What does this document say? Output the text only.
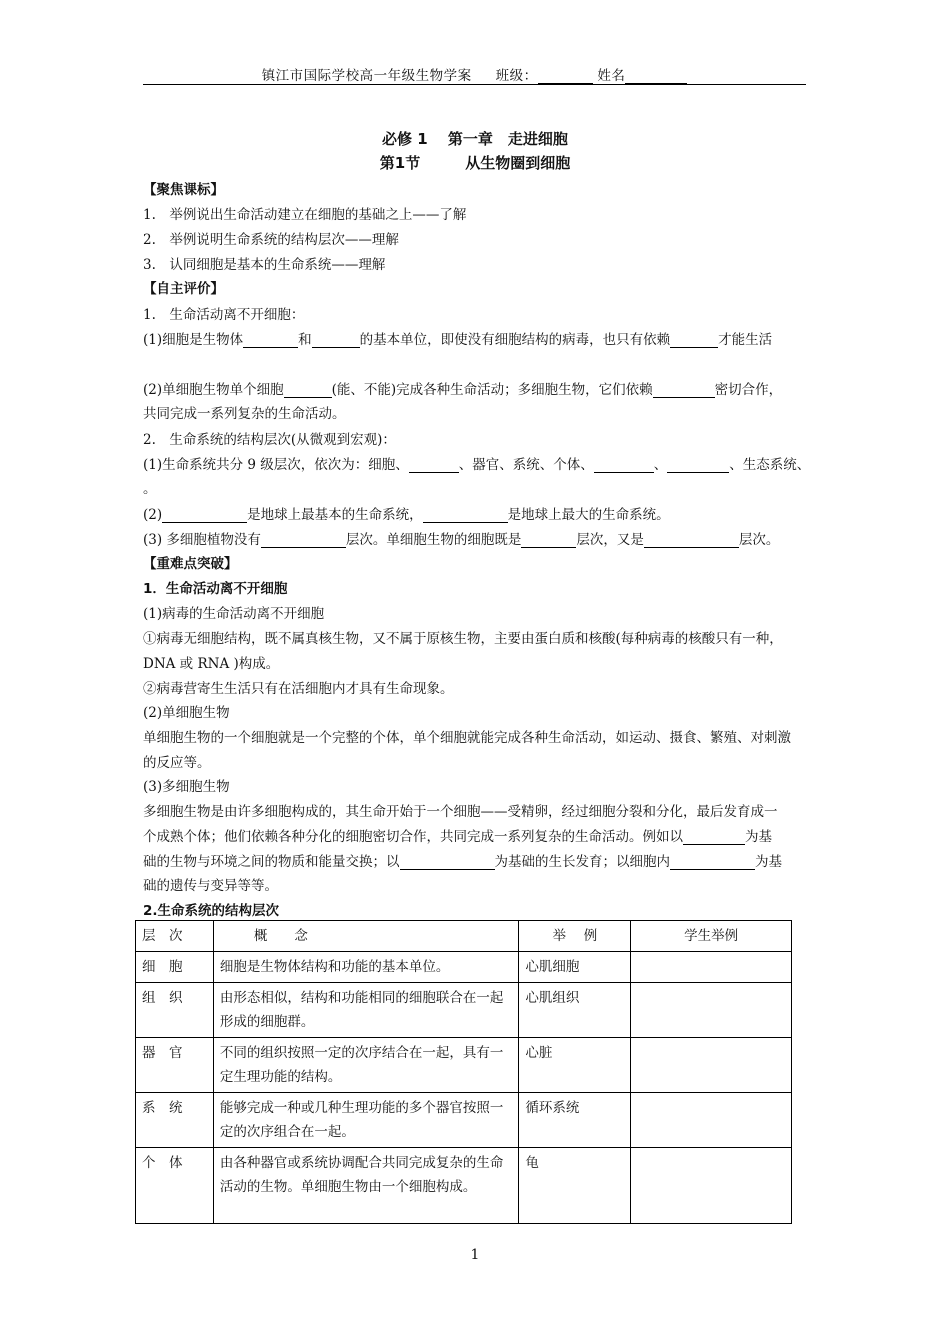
镇江市国际学校高一年级生物学案 班级：	姓名
必修 1　 第一章　走进细胞
第1节　　　从生物圈到细胞
【聚焦课标】
1.　举例说出生命活动建立在细胞的基础之上——了解
2.　举例说明生命系统的结构层次——理解
3.　认同细胞是基本的生命系统——理解
【自主评价】
1.　生命活动离不开细胞：
(1)细胞是生物体	和	的基本单位，即使没有细胞结构的病毒，也只有依赖	才能生活
(2)单细胞生物单个细胞	(能、不能)完成各种生命活动；多细胞生物，它们依赖	密切合作，
共同完成一系列复杂的生命活动。
2.　生命系统的结构层次(从微观到宏观)：
(1)生命系统共分 9 级层次，依次为：细胞、	、器官、系统、个体、	、	、生态系统、
。
(2)	是地球上最基本的生命系统，	是地球上最大的生命系统。
(3) 多细胞植物没有	层次。单细胞生物的细胞既是	层次，又是	层次。
【重难点突破】
1．生命活动离不开细胞
(1)病毒的生命活动离不开细胞
①病毒无细胞结构，既不属真核生物，又不属于原核生物，主要由蛋白质和核酸(每种病毒的核酸只有一种，
DNA 或 RNA )构成。
②病毒营寄生生活只有在活细胞内才具有生命现象。
(2)单细胞生物
单细胞生物的一个细胞就是一个完整的个体，单个细胞就能完成各种生命活动，如运动、摄食、繁殖、对刺激
的反应等。
(3)多细胞生物
多细胞生物是由许多细胞构成的，其生命开始于一个细胞——受精卵，经过细胞分裂和分化，最后发育成一
个成熟个体；他们依赖各种分化的细胞密切合作，共同完成一系列复杂的生命活动。例如以	为基
础的生物与环境之间的物质和能量交换；以	为基础的生长发育；以细胞内	为基
础的遗传与变异等等。
2.生命系统的结构层次
层　次	概　　念	举　 例	学生举例
细　胞	细胞是生物体结构和功能的基本单位。	心肌细胞	
组　织	由形态相似，结构和功能相同的细胞联合在一起形成的细胞群。	心肌组织	
器　官	不同的组织按照一定的次序结合在一起，具有一定生理功能的结构。	心脏	
系　统	能够完成一种或几种生理功能的多个器官按照一定的次序组合在一起。	循环系统	
个　体	由各种器官或系统协调配合共同完成复杂的生命活动的生物。单细胞生物由一个细胞构成。	龟	
1
